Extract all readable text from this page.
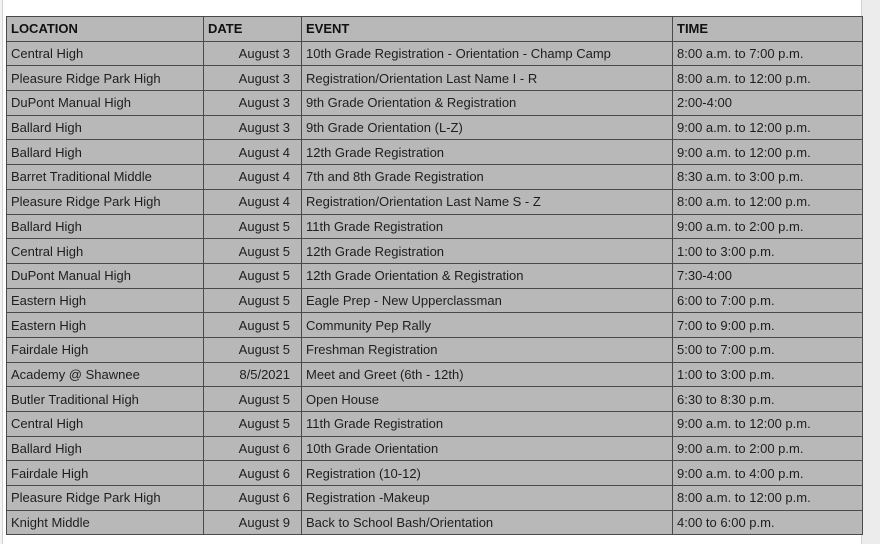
LOCATION	DATE	EVENT	TIME
Central High	August 3	10th Grade Registration - Orientation - Champ Camp	8:00 a.m. to 7:00 p.m.
Pleasure Ridge Park High	August 3	Registration/Orientation Last Name I - R	8:00 a.m. to 12:00 p.m.
DuPont Manual High	August 3	9th Grade Orientation & Registration	2:00-4:00
Ballard High	August 3	9th Grade Orientation (L-Z)	9:00 a.m. to 12:00 p.m.
Ballard High	August 4	12th Grade Registration	9:00 a.m. to 12:00 p.m.
Barret Traditional Middle	August 4	7th and 8th Grade Registration	8:30 a.m. to 3:00 p.m.
Pleasure Ridge Park High	August 4	Registration/Orientation Last Name S - Z	8:00 a.m. to 12:00 p.m.
Ballard High	August 5	11th Grade Registration	9:00 a.m. to 2:00 p.m.
Central High	August 5	12th Grade Registration	1:00 to 3:00 p.m.
DuPont Manual High	August 5	12th Grade Orientation & Registration	7:30-4:00
Eastern High	August 5	Eagle Prep - New Upperclassman	6:00 to 7:00 p.m.
Eastern High	August 5	Community Pep Rally	7:00 to 9:00 p.m.
Fairdale High	August 5	Freshman Registration	5:00 to 7:00 p.m.
Academy @ Shawnee	8/5/2021	Meet and Greet (6th - 12th)	1:00 to 3:00 p.m.
Butler Traditional High	August 5	Open House	6:30 to 8:30 p.m.
Central High	August 5	11th Grade Registration	9:00 a.m. to 12:00 p.m.
Ballard High	August 6	10th Grade Orientation	9:00 a.m. to 2:00 p.m.
Fairdale High	August 6	Registration (10-12)	9:00 a.m. to 4:00 p.m.
Pleasure Ridge Park High	August 6	Registration -Makeup	8:00 a.m. to 12:00 p.m.
Knight Middle	August 9	Back to School Bash/Orientation	4:00 to 6:00 p.m.
